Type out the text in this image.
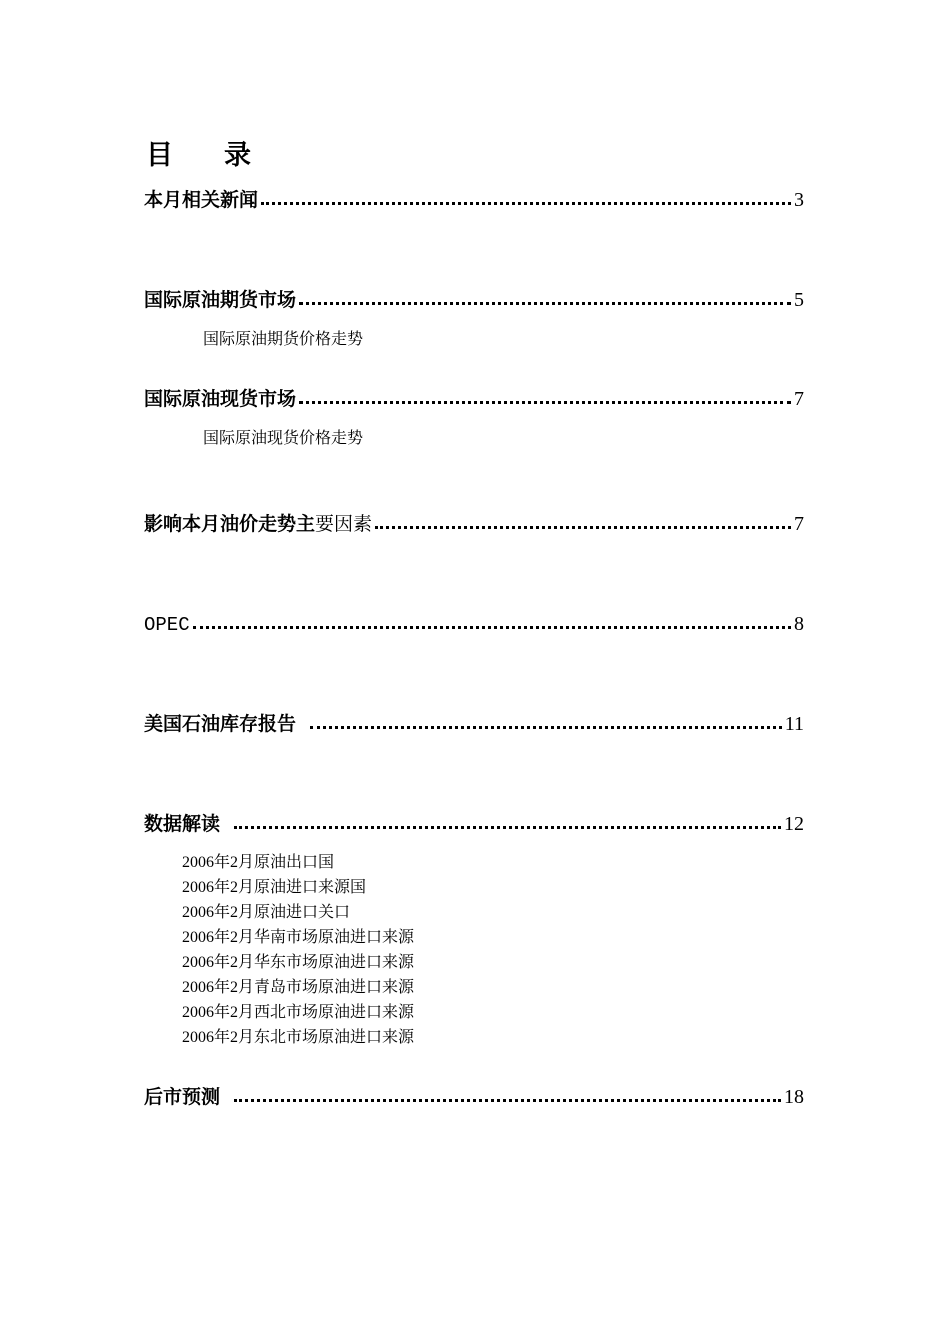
目　录
本月相关新闻	3
国际原油期货市场	5
国际原油期货价格走势
国际原油现货市场	7
国际原油现货价格走势
影响本月油价走势主要因素	7
OPEC	8
美国石油库存报告	11
数据解读	12
2006年2月原油出口国
2006年2月原油进口来源国
2006年2月原油进口关口
2006年2月华南市场原油进口来源
2006年2月华东市场原油进口来源
2006年2月青岛市场原油进口来源
2006年2月西北市场原油进口来源
2006年2月东北市场原油进口来源
后市预测	18
